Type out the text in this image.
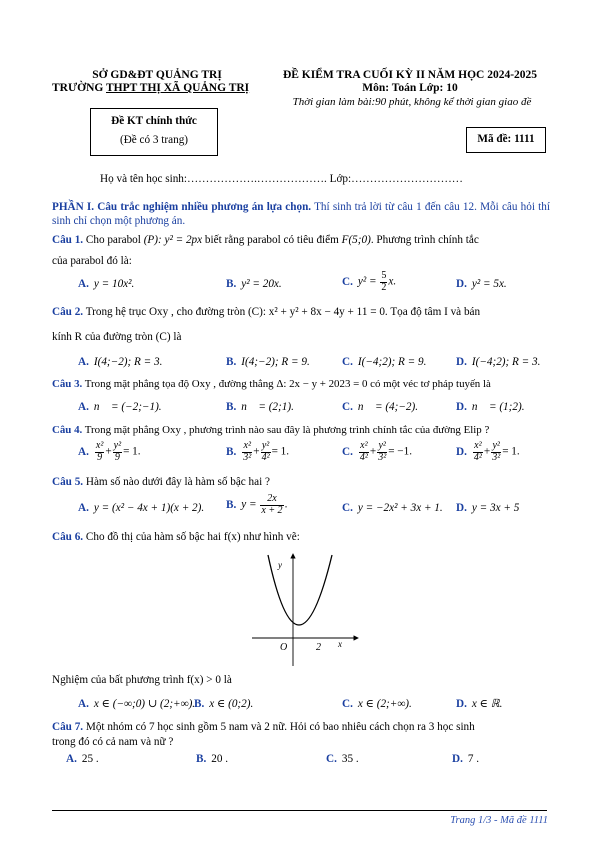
SỞ GD&ĐT QUẢNG TRỊ
TRƯỜNG THPT THỊ XÃ QUẢNG TRỊ
ĐỀ KIỂM TRA CUỐI KỲ II NĂM HỌC 2024-2025
Môn: Toán Lớp: 10
Thời gian làm bài:90 phút, không kể thời gian giao đề
Đề KT chính thức
(Đề có 3 trang)	Mã đề: 1111
Họ và tên học sinh:……………….………………. Lớp:…………………………
PHẦN I. Câu trắc nghiệm nhiều phương án lựa chọn. Thí sinh trả lời từ câu 1 đến câu 12. Mỗi câu hỏi thí sinh chỉ chọn một phương án.
Câu 1. Cho parabol (P): y² = 2px biết rằng parabol có tiêu điểm F(5;0). Phương trình chính tắc
của parabol đó là:
A. y = 10x².	B. y² = 20x.	C. $y^2 = \frac{5}{2} x$.	D. y² = 5x.
Câu 2. Trong hệ trục Oxy , cho đường tròn (C): x² + y² + 8x − 4y + 11 = 0. Tọa độ tâm I và bán
kính R của đường tròn (C) là
A. I(4;−2); R = 3.	B. I(4;−2); R = 9.	C. I(−4;2); R = 9.	D. I(−4;2); R = 3.
Câu 3. Trong mặt phẳng tọa độ Oxy , đường thẳng Δ: 2x − y + 2023 = 0 có một véc tơ pháp tuyến là
A. n⃗ = (−2;−1).	B. n⃗ = (2;1).	C. n⃗ = (4;−2).	D. n⃗ = (1;2).
Câu 4. Trong mặt phẳng Oxy , phương trình nào sau đây là phương trình chính tắc của đường Elip ?
A. $\frac{\text{x²}}{9} + \frac{\text{y²}}{9} = 1$.	B. $\frac{\text{x²}}{\text{3²}} + \frac{\text{y²}}{\text{4²}} = 1$.	C. $\frac{\text{x²}}{\text{4²}} + \frac{\text{y²}}{\text{3²}} = -1$.	D. $\frac{\text{x²}}{\text{4²}} + \frac{\text{y²}}{\text{3²}} = 1$.
Câu 5. Hàm số nào dưới đây là hàm số bậc hai ?
A. y = (x² − 4x + 1)(x + 2). B. $y = \frac{2x}{x + 2}$ .	C. y = −2x² + 3x + 1. D. y = 3x + 5
Câu 6. Cho đồ thị của hàm số bậc hai f(x) như hình vẽ:
y
x
O	2
Nghiệm của bất phương trình f(x) > 0 là
A. x ∈ (−∞;0) ∪ (2;+∞).
B. x ∈ (0;2).	C. x ∈ (2;+∞).	D. x ∈ ℝ.
Câu 7. Một nhóm có 7 học sinh gồm 5 nam và 2 nữ. Hỏi có bao nhiêu cách chọn ra 3 học sinh
trong đó có cả nam và nữ ?
A. 25 .	B. 20 .	C. 35 .	D. 7 .
Trang 1/3 - Mã đề 1111
